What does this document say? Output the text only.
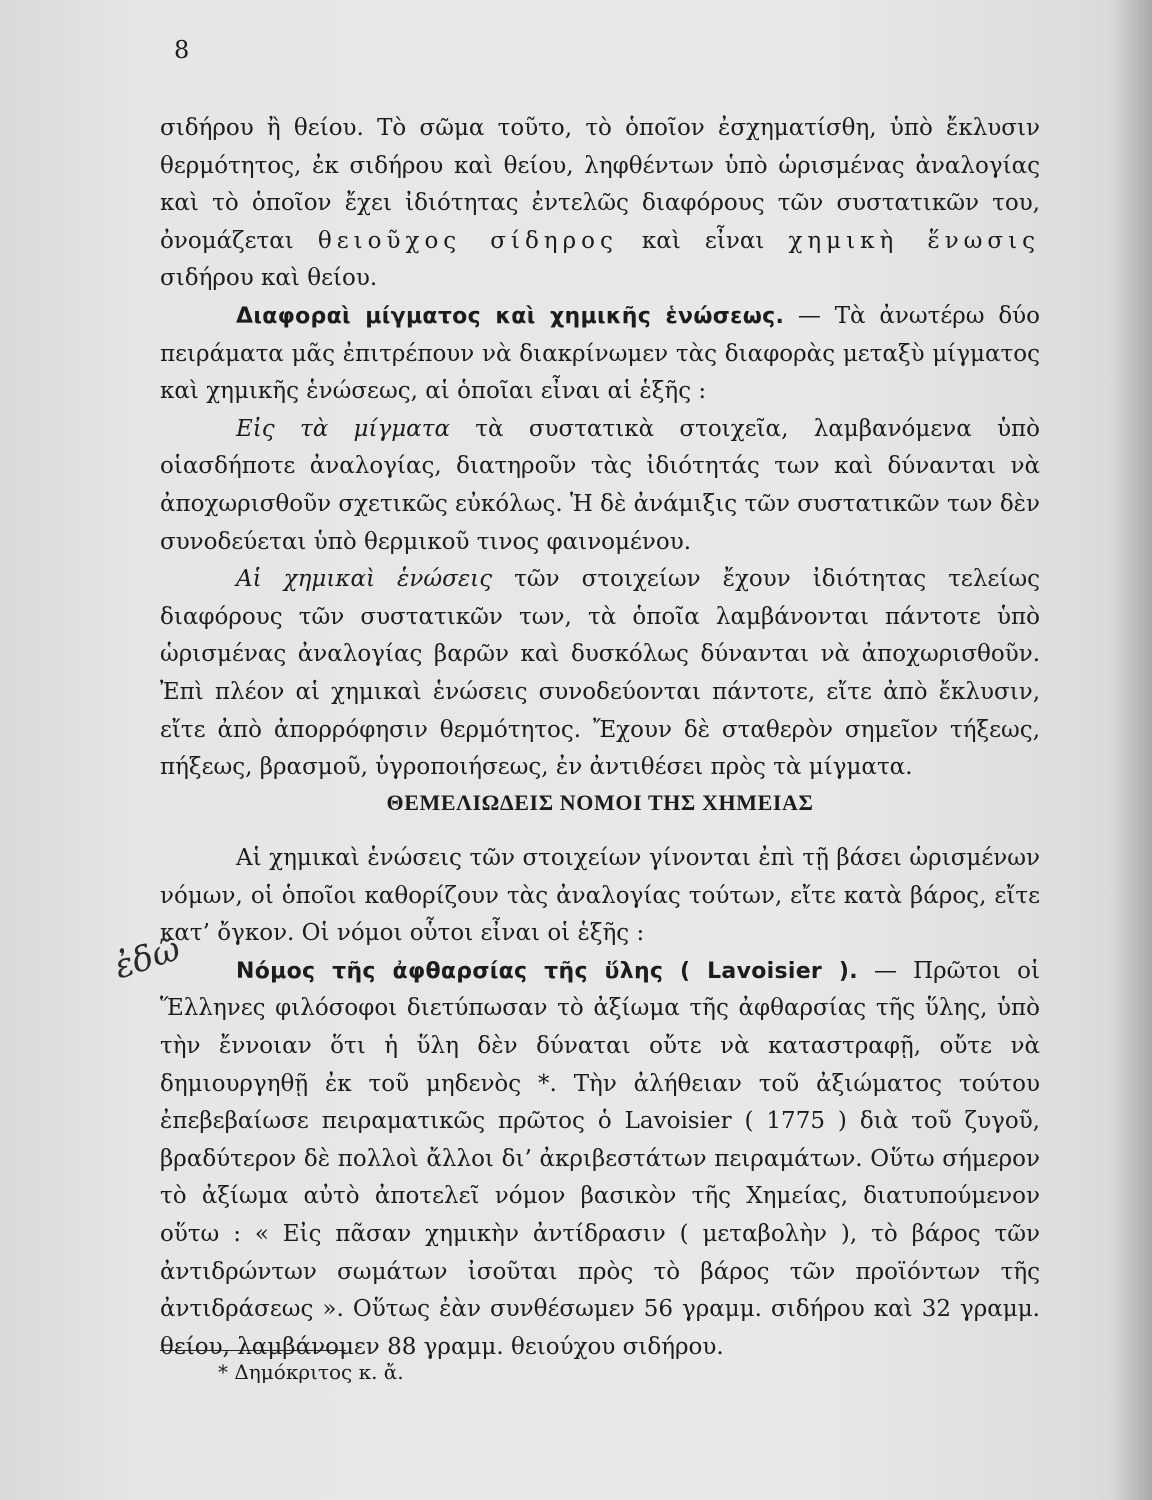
8

σιδήρου ἢ θείου. Τὸ σῶμα τοῦτο, τὸ ὁποῖον ἐσχηματίσθη, ὑπὸ ἔκλυσιν θερμότητος, ἐκ σιδήρου καὶ θείου, ληφθέντων ὑπὸ ὡρισμένας ἀναλογίας καὶ τὸ ὁποῖον ἔχει ἰδιότητας ἐντελῶς διαφόρους τῶν συστατικῶν του, ὀνομάζεται θειοῦχος σίδηρος καὶ εἶναι χημικὴ ἕνωσις σιδήρου καὶ θείου.

Διαφοραὶ μίγματος καὶ χημικῆς ἑνώσεως. — Τὰ ἀνωτέρω δύο πειράματα μᾶς ἐπιτρέπουν νὰ διακρίνωμεν τὰς διαφορὰς μεταξὺ μίγματος καὶ χημικῆς ἑνώσεως, αἱ ὁποῖαι εἶναι αἱ ἑξῆς :

Εἰς τὰ μίγματα τὰ συστατικὰ στοιχεῖα, λαμβανόμενα ὑπὸ οἱασδήποτε ἀναλογίας, διατηροῦν τὰς ἰδιότητάς των καὶ δύνανται νὰ ἀποχωρισθοῦν σχετικῶς εὐκόλως. Ἡ δὲ ἀνάμιξις τῶν συστατικῶν των δὲν συνοδεύεται ὑπὸ θερμικοῦ τινος φαινομένου.

Αἱ χημικαὶ ἑνώσεις τῶν στοιχείων ἔχουν ἰδιότητας τελείως διαφόρους τῶν συστατικῶν των, τὰ ὁποῖα λαμβάνονται πάντοτε ὑπὸ ὡρισμένας ἀναλογίας βαρῶν καὶ δυσκόλως δύνανται νὰ ἀποχωρισθοῦν. Ἐπὶ πλέον αἱ χημικαὶ ἑνώσεις συνοδεύονται πάντοτε, εἴτε ἀπὸ ἔκλυσιν, εἴτε ἀπὸ ἀπορρόφησιν θερμότητος. Ἔχουν δὲ σταθερὸν σημεῖον τήξεως, πήξεως, βρασμοῦ, ὑγροποιήσεως, ἐν ἀντιθέσει πρὸς τὰ μίγματα.

ΘΕΜΕΛΙΩΔΕΙΣ ΝΟΜΟΙ ΤΗΣ ΧΗΜΕΙΑΣ

Αἱ χημικαὶ ἑνώσεις τῶν στοιχείων γίνονται ἐπὶ τῇ βάσει ὡρισμένων νόμων, οἱ ὁποῖοι καθορίζουν τὰς ἀναλογίας τούτων, εἴτε κατὰ βάρος, εἴτε κατ’ ὄγκον. Οἱ νόμοι οὗτοι εἶναι οἱ ἑξῆς :

Νόμος τῆς ἀφθαρσίας τῆς ὕλης ( Lavoisier ). — Πρῶτοι οἱ Ἕλληνες φιλόσοφοι διετύπωσαν τὸ ἀξίωμα τῆς ἀφθαρσίας τῆς ὕλης, ὑπὸ τὴν ἔννοιαν ὅτι ἡ ὕλη δὲν δύναται οὔτε νὰ καταστραφῇ, οὔτε νὰ δημιουργηθῇ ἐκ τοῦ μηδενὸς *. Τὴν ἀλήθειαν τοῦ ἀξιώματος τούτου ἐπεβεβαίωσε πειραματικῶς πρῶτος ὁ Lavoisier ( 1775 ) διὰ τοῦ ζυγοῦ, βραδύτερον δὲ πολλοὶ ἄλλοι δι’ ἀκριβεστάτων πειραμάτων. Οὕτω σήμερον τὸ ἀξίωμα αὐτὸ ἀποτελεῖ νόμον βασικὸν τῆς Χημείας, διατυπούμενον οὕτω : « Εἰς πᾶσαν χημικὴν ἀντίδρασιν ( μεταβολὴν ), τὸ βάρος τῶν ἀντιδρώντων σωμάτων ἰσοῦται πρὸς τὸ βάρος τῶν προϊόντων τῆς ἀντιδράσεως ». Οὕτως ἐὰν συνθέσωμεν 56 γραμμ. σιδήρου καὶ 32 γραμμ. θείου, λαμβάνομεν 88 γραμμ. θειούχου σιδήρου.

ἐδῶ
* Δημόκριτος κ. ἄ.
